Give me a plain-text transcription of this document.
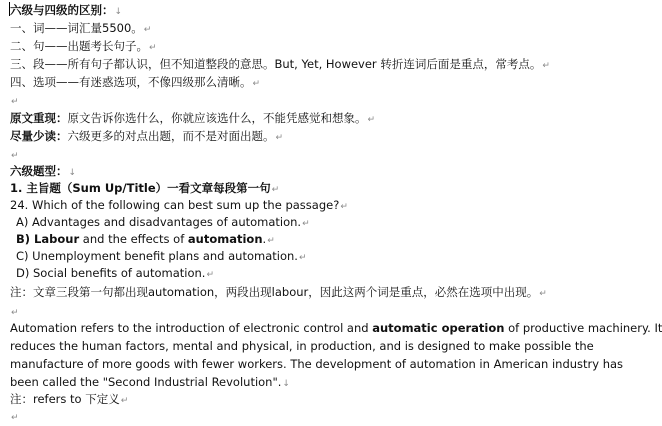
六级与四级的区别：↓
一、词——词汇量5500。↵
二、句——出题考长句子。↵
三、段——所有句子都认识，但不知道整段的意思。But, Yet, However 转折连词后面是重点，常考点。↵
四、选项——有迷惑选项，不像四级那么清晰。↵
↵
原文重现：原文告诉你选什么，你就应该选什么，不能凭感觉和想象。↵
尽量少读：六级更多的对点出题，而不是对面出题。↵
↵
六级题型：↓
1. 主旨题（Sum Up/Title）一看文章每段第一句↵
24. Which of the following can best sum up the passage?↵
A) Advantages and disadvantages of automation.↵
B) Labour and the effects of automation.↵
C) Unemployment benefit plans and automation.↵
D) Social benefits of automation.↵
注：文章三段第一句都出现automation，两段出现labour，因此这两个词是重点，必然在选项中出现。↵
↵
Automation refers to the introduction of electronic control and automatic operation of productive machinery. It
reduces the human factors, mental and physical, in production, and is designed to make possible the
manufacture of more goods with fewer workers. The development of automation in American industry has
been called the "Second Industrial Revolution".↓
注：refers to 下定义↵
↵
